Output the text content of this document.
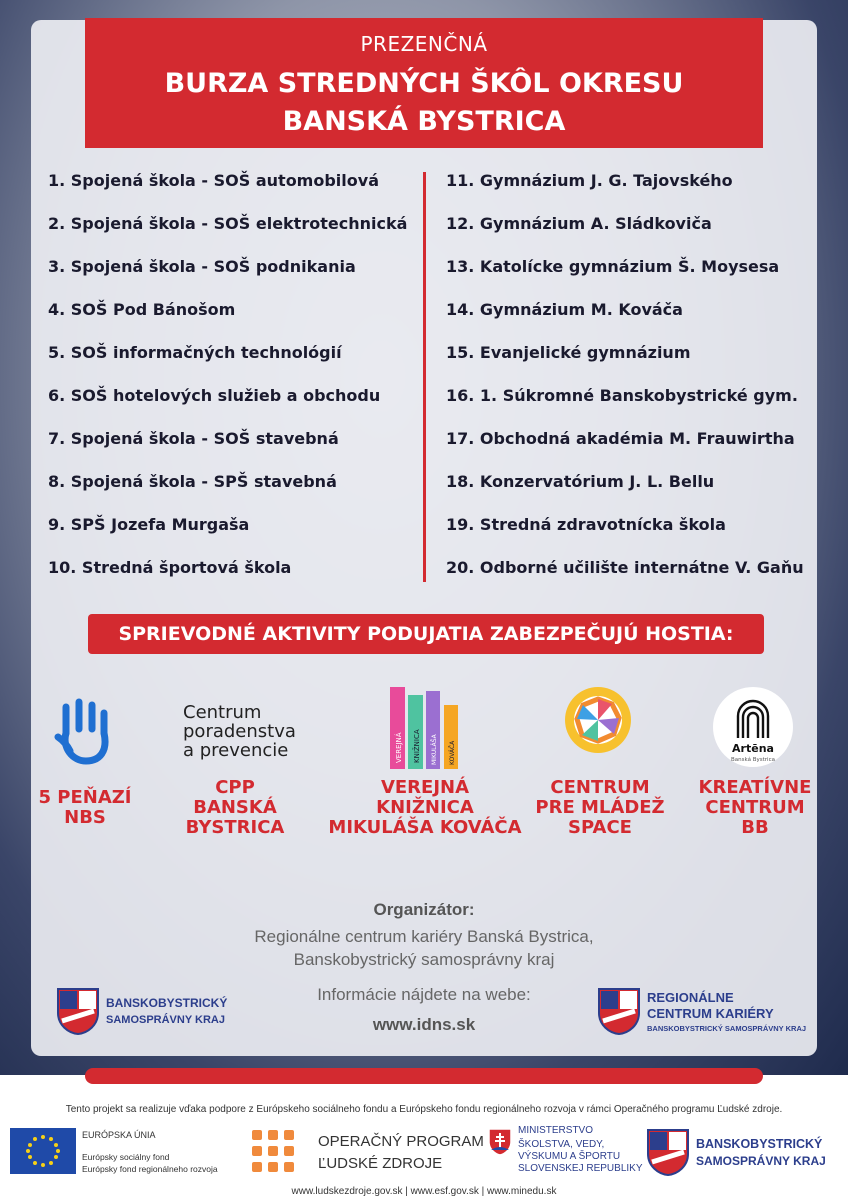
PREZENČNÁ
BURZA STREDNÝCH ŠKÔL OKRESU
BANSKÁ BYSTRICA
1. Spojená škola - SOŠ automobilová
2. Spojená škola - SOŠ elektrotechnická
3. Spojená škola - SOŠ podnikania
4. SOŠ Pod Bánošom
5. SOŠ informačných technológií
6. SOŠ hotelových služieb a obchodu
7. Spojená škola - SOŠ stavebná
8. Spojená škola - SPŠ stavebná
9. SPŠ Jozefa Murgaša
10. Stredná športová škola
11. Gymnázium J. G. Tajovského
12. Gymnázium A. Sládkoviča
13. Katolícke gymnázium Š. Moysesa
14. Gymnázium M. Kováča
15. Evanjelické gymnázium
16. 1. Súkromné Banskobystrické gym.
17. Obchodná akadémia M. Frauwirtha
18. Konzervatórium J. L. Bellu
19. Stredná zdravotnícka škola
20. Odborné učilište internátne V. Gaňu
SPRIEVODNÉ AKTIVITY PODUJATIA ZABEZPEČUJÚ HOSTIA:
5 PEŇAZÍ
NBS
Centrum
poradenstva
a prevencie
CPP
BANSKÁ
BYSTRICA
VEREJNÁ KNIŽNICA MIKULÁŠA KOVÁČA
VEREJNÁ
KNIŽNICA
MIKULÁŠA KOVÁČA
CENTRUM
PRE MLÁDEŽ
SPACE
Artēna
Banská Bystrica
KREATÍVNE
CENTRUM
BB
Organizátor:
Regionálne centrum kariéry Banská Bystrica,
Banskobystrický samosprávny kraj
Informácie nájdete na webe:
www.idns.sk
BANSKOBYSTRICKÝ
SAMOSPRÁVNY KRAJ
REGIONÁLNE
CENTRUM KARIÉRY
BANSKOBYSTRICKÝ SAMOSPRÁVNY KRAJ
Tento projekt sa realizuje vďaka podpore z Európskeho sociálneho fondu a Európskeho fondu regionálneho rozvoja v rámci Operačného programu Ľudské zdroje.
EURÓPSKA ÚNIA
Európsky sociálny fond
Európsky fond regionálneho rozvoja
OPERAČNÝ PROGRAM
ĽUDSKÉ ZDROJE
MINISTERSTVO
ŠKOLSTVA, VEDY,
VÝSKUMU A ŠPORTU
SLOVENSKEJ REPUBLIKY
BANSKOBYSTRICKÝ
SAMOSPRÁVNY KRAJ
www.ludskezdroje.gov.sk | www.esf.gov.sk | www.minedu.sk
